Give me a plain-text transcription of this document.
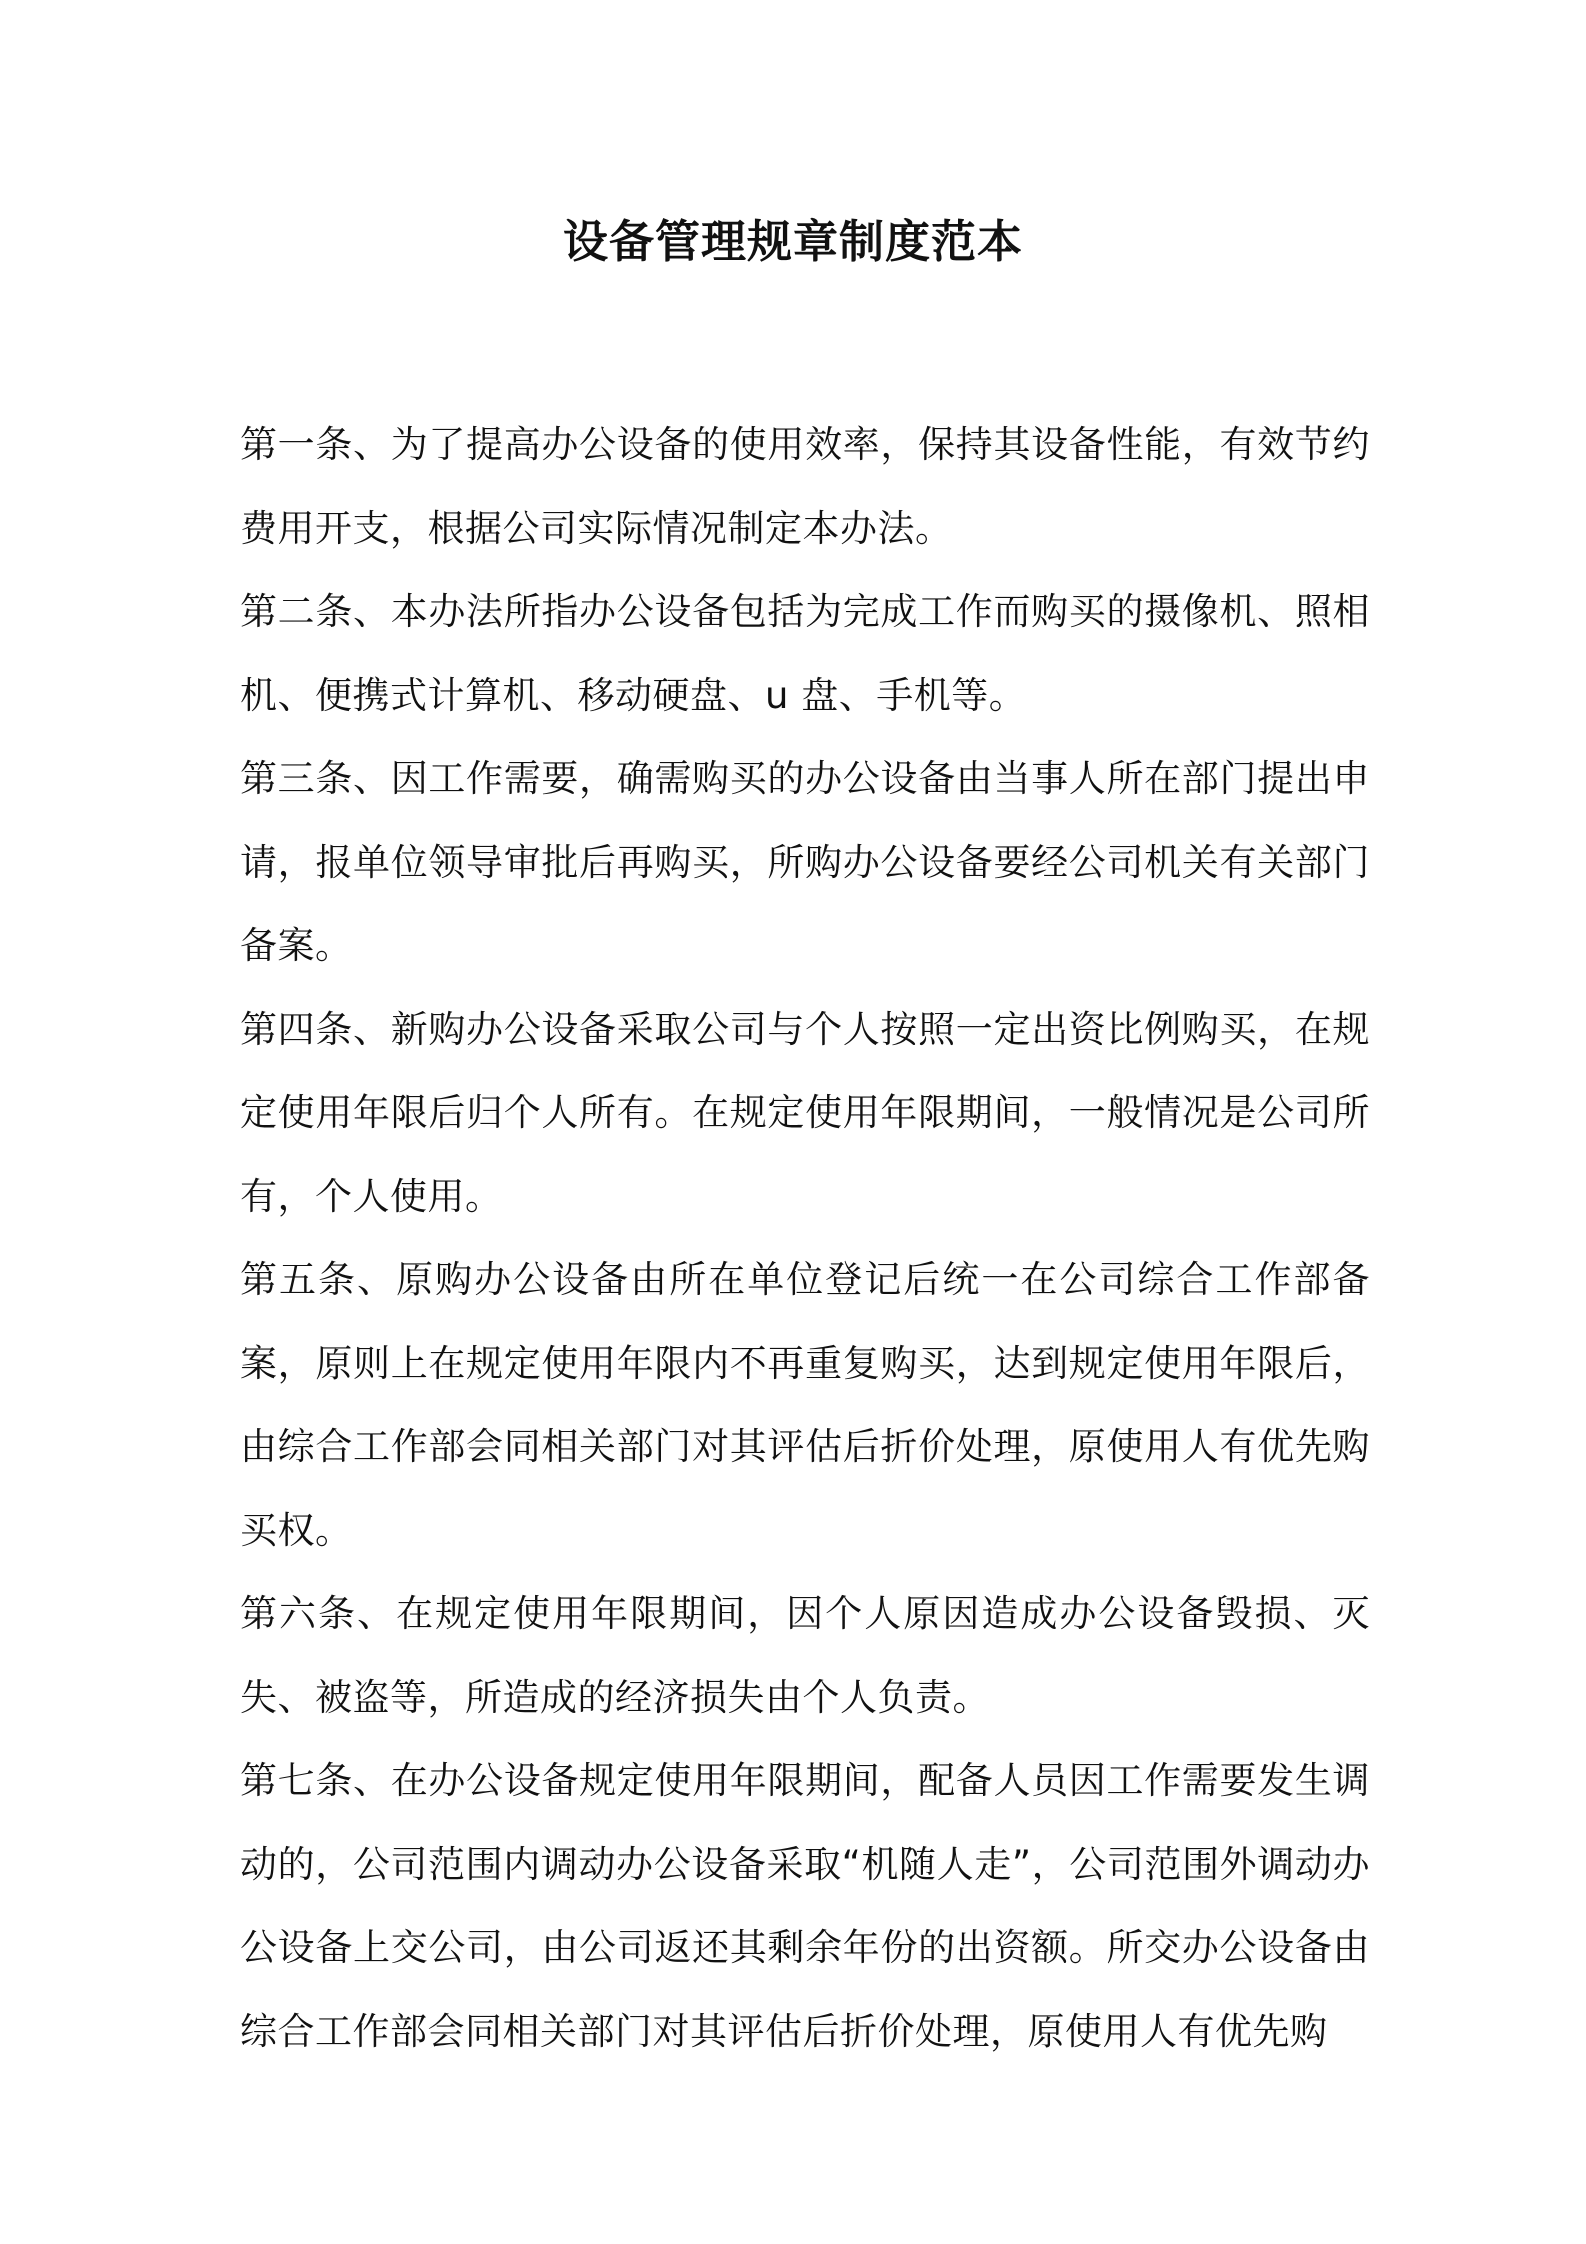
设备管理规章制度范本

第一条、为了提高办公设备的使用效率，保持其设备性能，有效节约费用开支，根据公司实际情况制定本办法。

第二条、本办法所指办公设备包括为完成工作而购买的摄像机、照相机、便携式计算机、移动硬盘、u 盘、手机等。

第三条、因工作需要，确需购买的办公设备由当事人所在部门提出申请，报单位领导审批后再购买，所购办公设备要经公司机关有关部门备案。

第四条、新购办公设备采取公司与个人按照一定出资比例购买，在规定使用年限后归个人所有。在规定使用年限期间，一般情况是公司所有，个人使用。

第五条、原购办公设备由所在单位登记后统一在公司综合工作部备案，原则上在规定使用年限内不再重复购买，达到规定使用年限后，由综合工作部会同相关部门对其评估后折价处理，原使用人有优先购买权。

第六条、在规定使用年限期间，因个人原因造成办公设备毁损、灭失、被盗等，所造成的经济损失由个人负责。

第七条、在办公设备规定使用年限期间，配备人员因工作需要发生调动的，公司范围内调动办公设备采取“机随人走”，公司范围外调动办公设备上交公司，由公司返还其剩余年份的出资额。所交办公设备由综合工作部会同相关部门对其评估后折价处理，原使用人有优先购
